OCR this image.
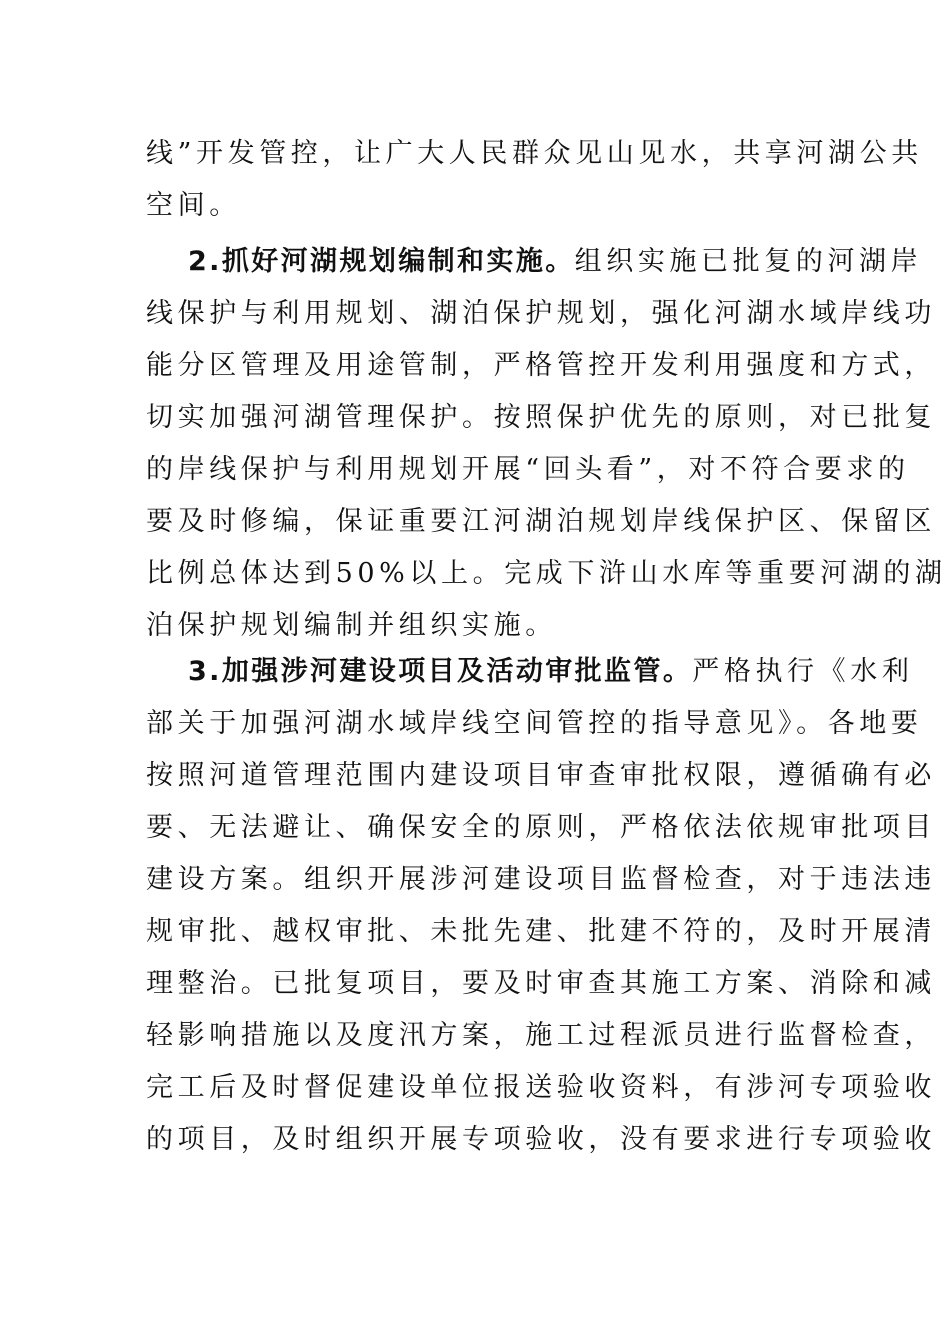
线”开发管控，让广大人民群众见山见水，共享河湖公共
空间。
2.抓好河湖规划编制和实施。组织实施已批复的河湖岸
线保护与利用规划、湖泊保护规划，强化河湖水域岸线功
能分区管理及用途管制，严格管控开发利用强度和方式，
切实加强河湖管理保护。按照保护优先的原则，对已批复
的岸线保护与利用规划开展“回头看”，对不符合要求的
要及时修编，保证重要江河湖泊规划岸线保护区、保留区
比例总体达到50%以上。完成下浒山水库等重要河湖的湖
泊保护规划编制并组织实施。
3.加强涉河建设项目及活动审批监管。严格执行《水利
部关于加强河湖水域岸线空间管控的指导意见》。各地要
按照河道管理范围内建设项目审查审批权限，遵循确有必
要、无法避让、确保安全的原则，严格依法依规审批项目
建设方案。组织开展涉河建设项目监督检查，对于违法违
规审批、越权审批、未批先建、批建不符的，及时开展清
理整治。已批复项目，要及时审查其施工方案、消除和减
轻影响措施以及度汛方案，施工过程派员进行监督检查，
完工后及时督促建设单位报送验收资料，有涉河专项验收
的项目，及时组织开展专项验收，没有要求进行专项验收
